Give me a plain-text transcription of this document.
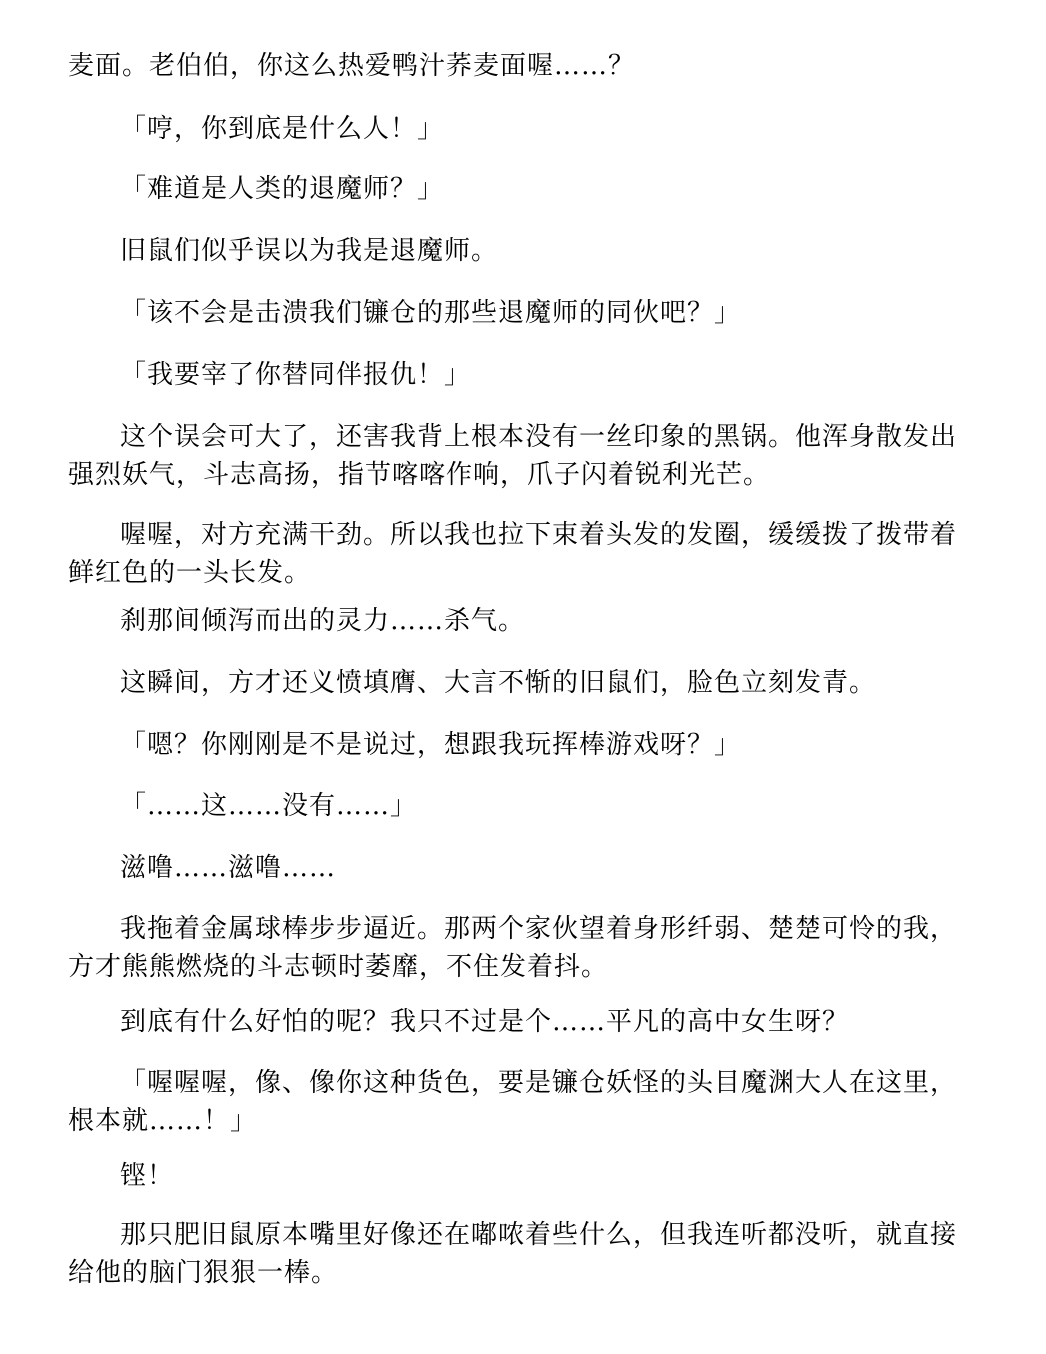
麦面。老伯伯，你这么热爱鸭汁荞麦面喔……？

「哼，你到底是什么人！」

「难道是人类的退魔师？」

旧鼠们似乎误以为我是退魔师。

「该不会是击溃我们镰仓的那些退魔师的同伙吧？」

「我要宰了你替同伴报仇！」

这个误会可大了，还害我背上根本没有一丝印象的黑锅。他浑身散发出强烈妖气，斗志高扬，指节喀喀作响，爪子闪着锐利光芒。

喔喔，对方充满干劲。所以我也拉下束着头发的发圈，缓缓拨了拨带着鲜红色的一头长发。

刹那间倾泻而出的灵力……杀气。

这瞬间，方才还义愤填膺、大言不惭的旧鼠们，脸色立刻发青。

「嗯？你刚刚是不是说过，想跟我玩挥棒游戏呀？」

「……这……没有……」

滋噜……滋噜……

我拖着金属球棒步步逼近。那两个家伙望着身形纤弱、楚楚可怜的我，方才熊熊燃烧的斗志顿时萎靡，不住发着抖。

到底有什么好怕的呢？我只不过是个……平凡的高中女生呀？

「喔喔喔，像、像你这种货色，要是镰仓妖怪的头目魔渊大人在这里，根本就……！」

铿！

那只肥旧鼠原本嘴里好像还在嘟哝着些什么，但我连听都没听，就直接给他的脑门狠狠一棒。
